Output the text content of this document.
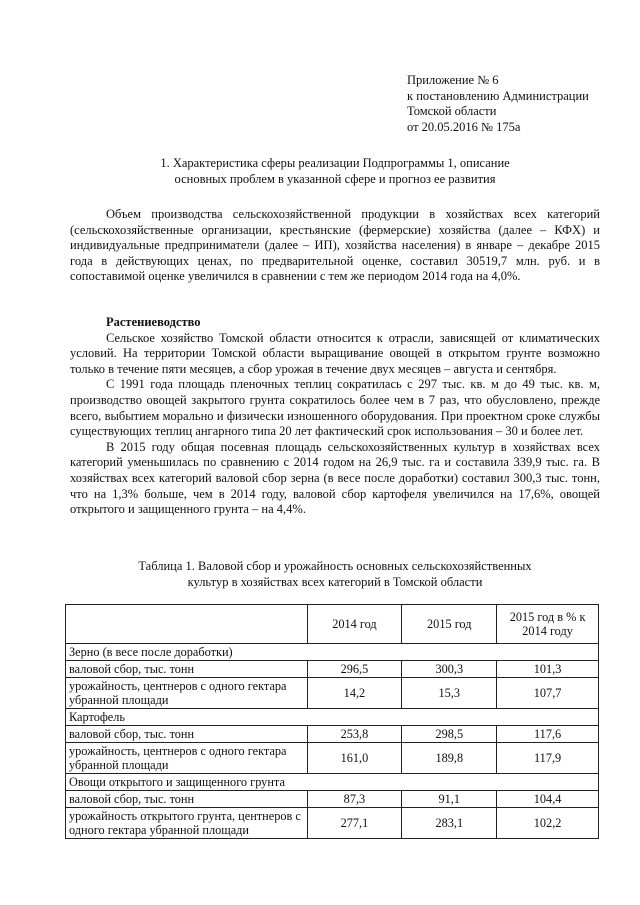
Приложение № 6
к постановлению Администрации
Томской области
от 20.05.2016 № 175а
1. Характеристика сферы реализации Подпрограммы 1, описание
основных проблем в указанной сфере и прогноз ее развития

Объем производства сельскохозяйственной продукции в хозяйствах всех категорий (сельскохозяйственные организации, крестьянские (фермерские) хозяйства (далее – КФХ) и индивидуальные предприниматели (далее – ИП), хозяйства населения) в январе – декабре 2015 года в действующих ценах, по предварительной оценке, составил 30519,7 млн. руб. и в сопоставимой оценке увеличился в сравнении с тем же периодом 2014 года на 4,0%.

Растениеводство

Сельское хозяйство Томской области относится к отрасли, зависящей от климатических условий. На территории Томской области выращивание овощей в открытом грунте возможно только в течение пяти месяцев, а сбор урожая в течение двух месяцев – августа и сентября.

С 1991 года площадь пленочных теплиц сократилась с 297 тыс. кв. м до 49 тыс. кв. м, производство овощей закрытого грунта сократилось более чем в 7 раз, что обусловлено, прежде всего, выбытием морально и физически изношенного оборудования. При проектном сроке службы существующих теплиц ангарного типа 20 лет фактический срок использования – 30 и более лет.

В 2015 году общая посевная площадь сельскохозяйственных культур в хозяйствах всех категорий уменьшилась по сравнению с 2014 годом на 26,9 тыс. га и составила 339,9 тыс. га. В хозяйствах всех категорий валовой сбор зерна (в весе после доработки) составил 300,3 тыс. тонн, что на 1,3% больше, чем в 2014 году, валовой сбор картофеля увеличился на 17,6%, овощей открытого и защищенного грунта – на 4,4%.

Таблица 1. Валовой сбор и урожайность основных сельскохозяйственных
культур в хозяйствах всех категорий в Томской области
	2014 год	2015 год	2015 год в % к 2014 году
Зерно (в весе после доработки)			
валовой сбор, тыс. тонн	296,5	300,3	101,3
урожайность, центнеров с одного гектара убранной площади	14,2	15,3	107,7
Картофель			
валовой сбор, тыс. тонн	253,8	298,5	117,6
урожайность, центнеров с одного гектара убранной площади	161,0	189,8	117,9
Овощи открытого и защищенного грунта			
валовой сбор, тыс. тонн	87,3	91,1	104,4
урожайность открытого грунта, центнеров с одного гектара убранной площади	277,1	283,1	102,2
